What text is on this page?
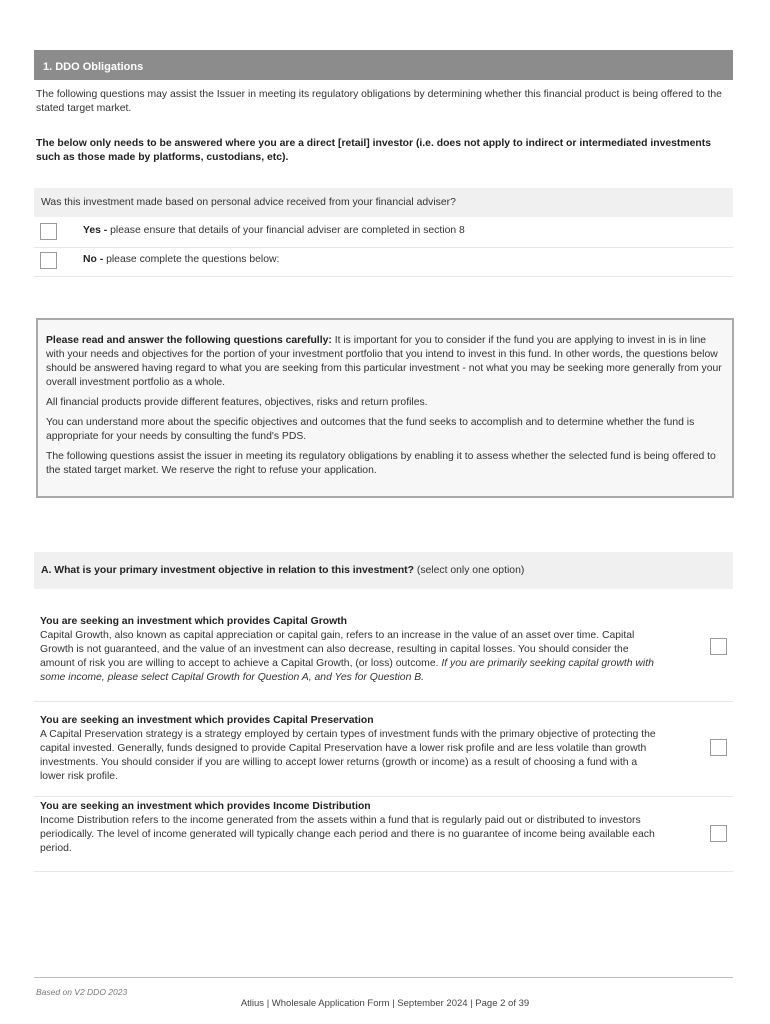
1. DDO Obligations
The following questions may assist the Issuer in meeting its regulatory obligations by determining whether this financial product is being offered to the stated target market.
The below only needs to be answered where you are a direct [retail] investor (i.e. does not apply to indirect or intermediated investments such as those made by platforms, custodians, etc).
Was this investment made based on personal advice received from your financial adviser?
Yes - please ensure that details of your financial adviser are completed in section 8
No - please complete the questions below:

Please read and answer the following questions carefully: It is important for you to consider if the fund you are applying to invest in is in line with your needs and objectives for the portion of your investment portfolio that you intend to invest in this fund. In other words, the questions below should be answered having regard to what you are seeking from this particular investment - not what you may be seeking more generally from your overall investment portfolio as a whole.

All financial products provide different features, objectives, risks and return profiles.

You can understand more about the specific objectives and outcomes that the fund seeks to accomplish and to determine whether the fund is appropriate for your needs by consulting the fund's PDS.

The following questions assist the issuer in meeting its regulatory obligations by enabling it to assess whether the selected fund is being offered to the stated target market. We reserve the right to refuse your application.

A. What is your primary investment objective in relation to this investment? (select only one option)
You are seeking an investment which provides Capital Growth
Capital Growth, also known as capital appreciation or capital gain, refers to an increase in the value of an asset over time. Capital Growth is not guaranteed, and the value of an investment can also decrease, resulting in capital losses. You should consider the amount of risk you are willing to accept to achieve a Capital Growth, (or loss) outcome. If you are primarily seeking capital growth with some income, please select Capital Growth for Question A, and Yes for Question B.
You are seeking an investment which provides Capital Preservation
A Capital Preservation strategy is a strategy employed by certain types of investment funds with the primary objective of protecting the capital invested. Generally, funds designed to provide Capital Preservation have a lower risk profile and are less volatile than growth investments. You should consider if you are willing to accept lower returns (growth or income) as a result of choosing a fund with a lower risk profile.
You are seeking an investment which provides Income Distribution
Income Distribution refers to the income generated from the assets within a fund that is regularly paid out or distributed to investors periodically. The level of income generated will typically change each period and there is no guarantee of income being available each period.
Based on V2 DDO 2023
Atlius | Wholesale Application Form | September 2024 | Page 2 of 39
